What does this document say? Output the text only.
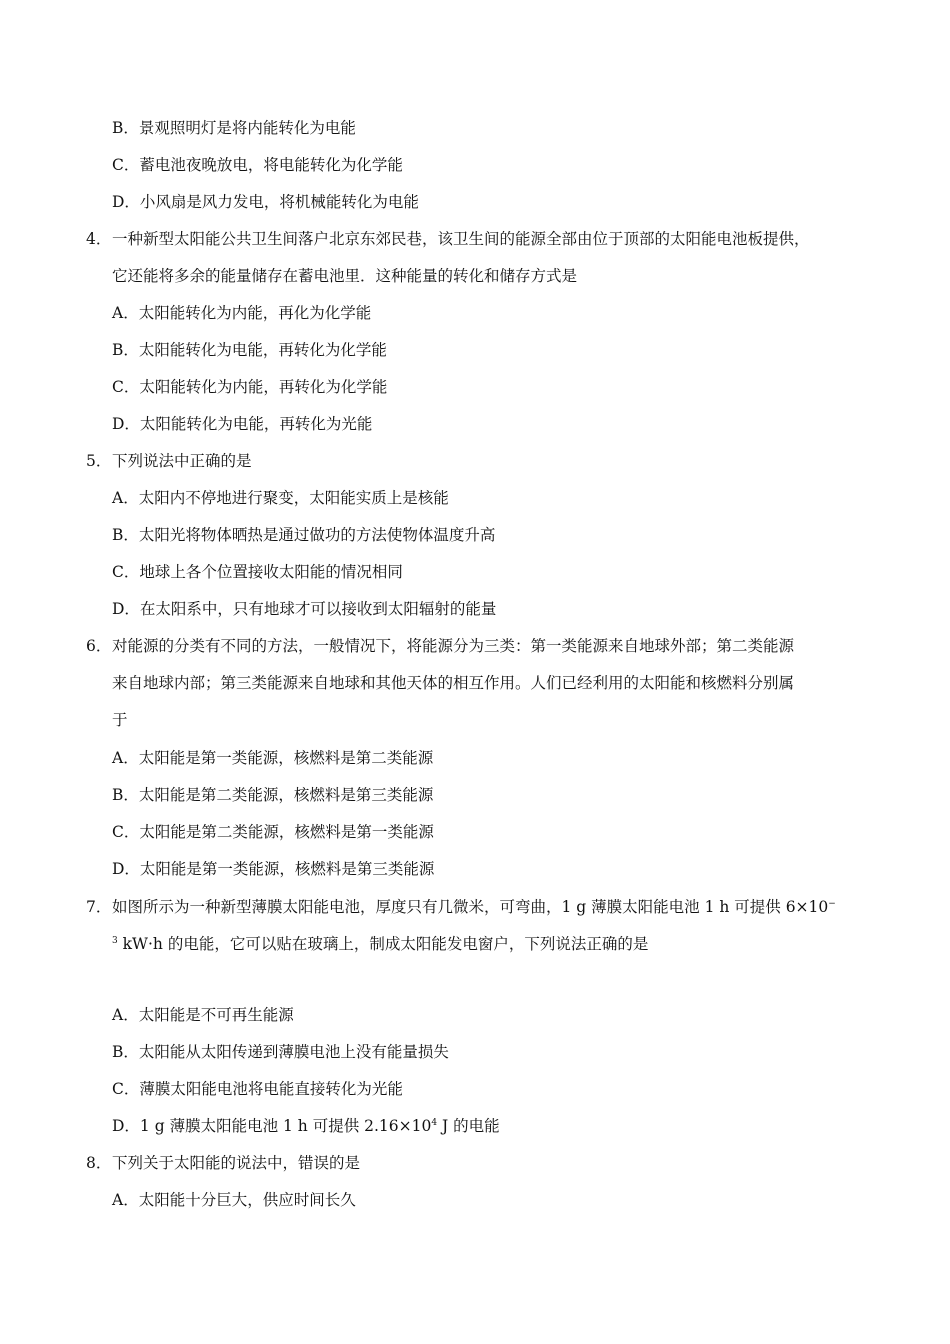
B．景观照明灯是将内能转化为电能
C．蓄电池夜晚放电，将电能转化为化学能
D．小风扇是风力发电，将机械能转化为电能
4． 一种新型太阳能公共卫生间落户北京东郊民巷，该卫生间的能源全部由位于顶部的太阳能电池板提供，
它还能将多余的能量储存在蓄电池里．这种能量的转化和储存方式是
A．太阳能转化为内能，再化为化学能
B．太阳能转化为电能，再转化为化学能
C．太阳能转化为内能，再转化为化学能
D．太阳能转化为电能，再转化为光能
5． 下列说法中正确的是
A．太阳内不停地进行聚变，太阳能实质上是核能
B．太阳光将物体晒热是通过做功的方法使物体温度升高
C．地球上各个位置接收太阳能的情况相同
D．在太阳系中，只有地球才可以接收到太阳辐射的能量
6． 对能源的分类有不同的方法，一般情况下，将能源分为三类：第一类能源来自地球外部；第二类能源
来自地球内部；第三类能源来自地球和其他天体的相互作用。人们已经利用的太阳能和核燃料分别属
于
A．太阳能是第一类能源，核燃料是第二类能源
B．太阳能是第二类能源，核燃料是第三类能源
C．太阳能是第二类能源，核燃料是第一类能源
D．太阳能是第一类能源，核燃料是第三类能源
7． 如图所示为一种新型薄膜太阳能电池，厚度只有几微米，可弯曲，1 g 薄膜太阳能电池 1 h 可提供 6×10−
$^3$ kW·h 的电能，它可以贴在玻璃上，制成太阳能发电窗户，下列说法正确的是
A．太阳能是不可再生能源
B．太阳能从太阳传递到薄膜电池上没有能量损失
C．薄膜太阳能电池将电能直接转化为光能
D．1 g 薄膜太阳能电池 1 h 可提供 $2.16\times 10^4$ J 的电能
8． 下列关于太阳能的说法中，错误的是
A．太阳能十分巨大，供应时间长久
